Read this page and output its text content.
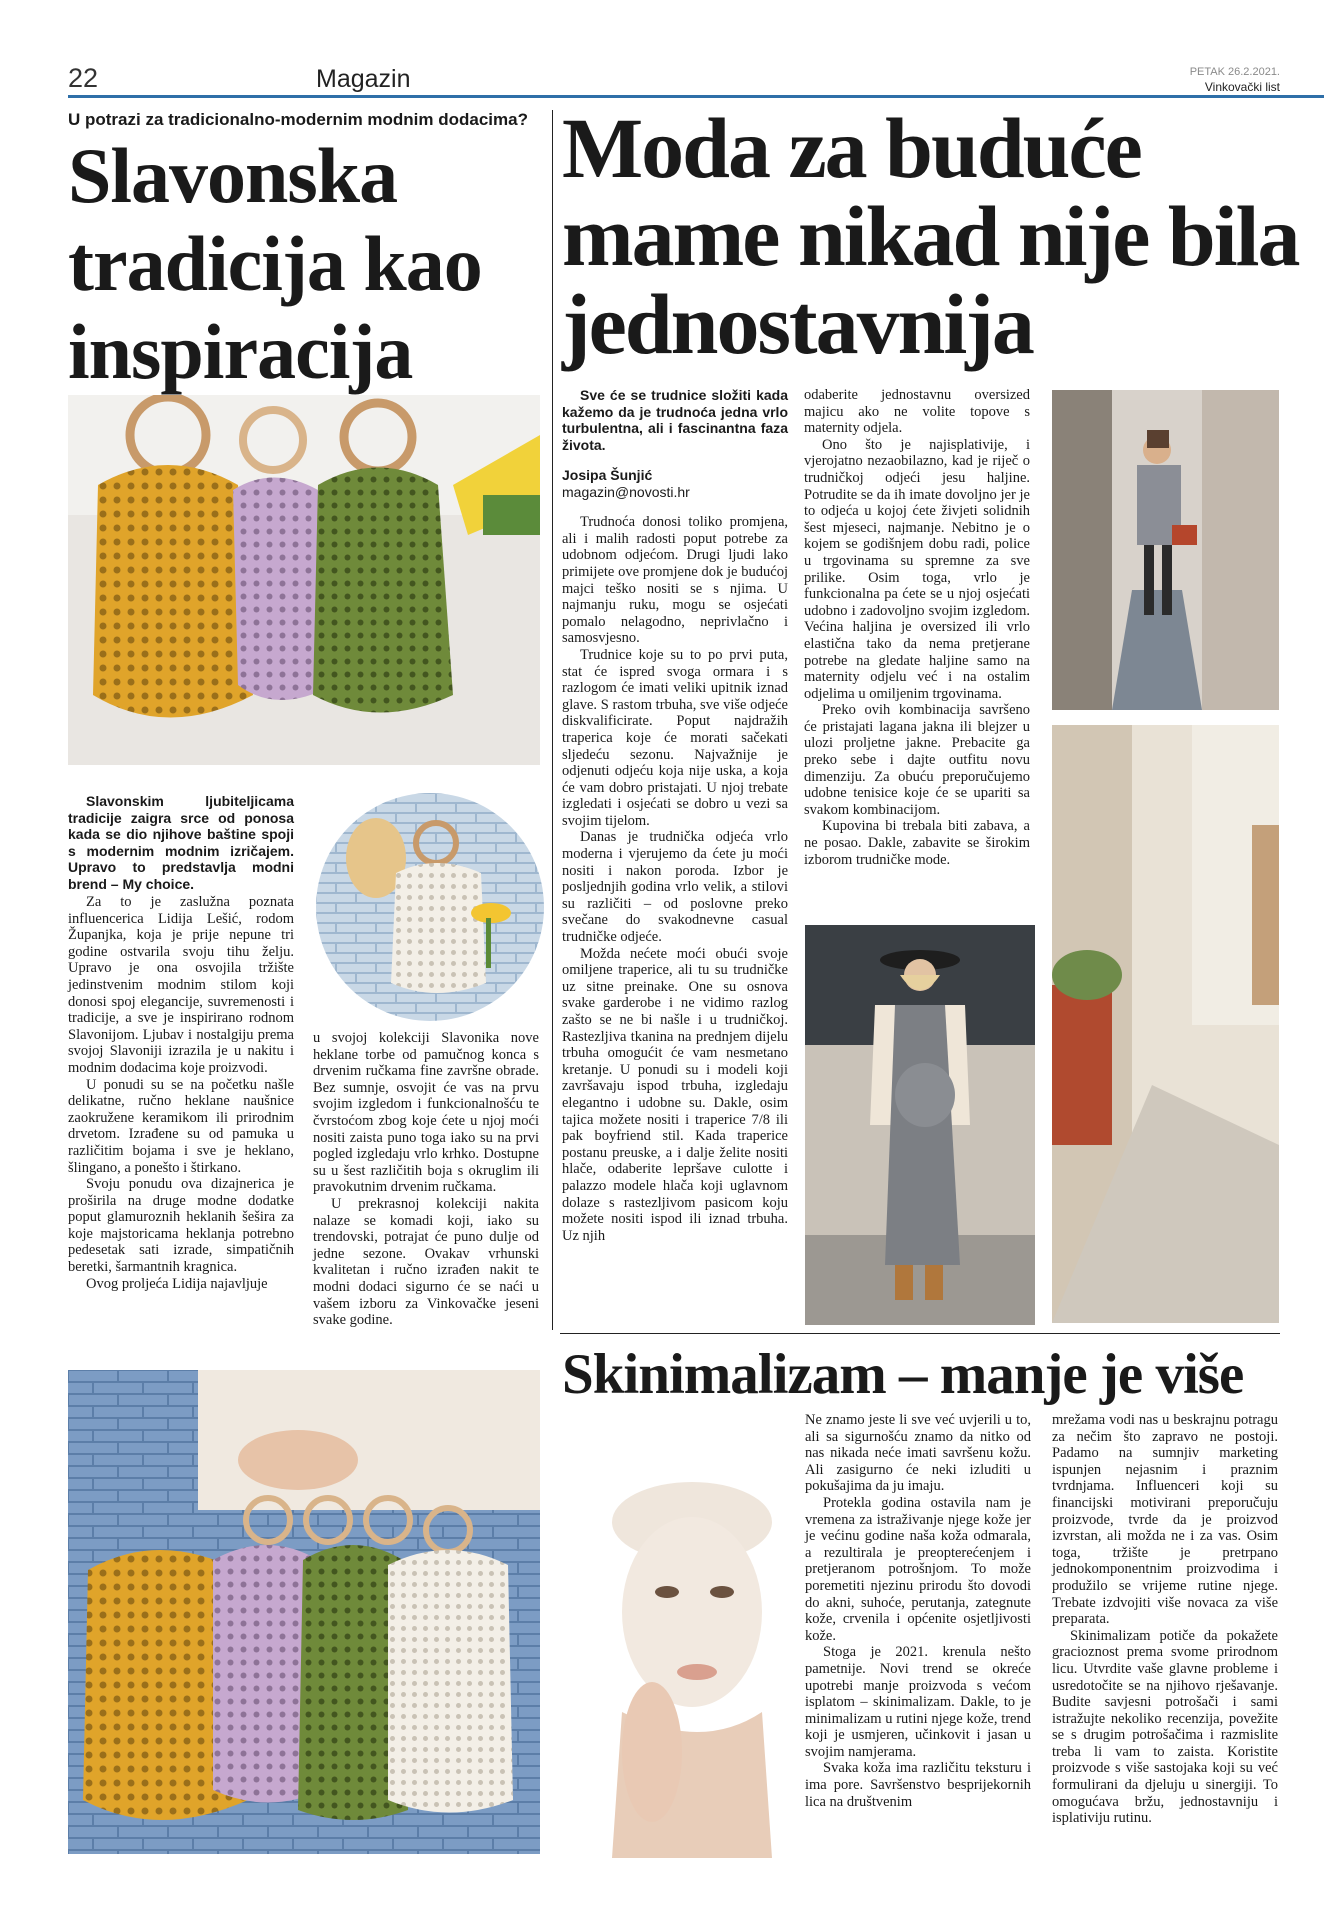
22	Magazin	PETAK 26.2.2021.
Vinkovački list
U potrazi za tradicionalno-modernim modnim dodacima?
Slavonska tradicija kao inspiracija

Slavonskim ljubiteljicama tradicije zaigra srce od ponosa kada se dio njihove baštine spoji s modernim modnim izričajem. Upravo to predstavlja modni brend – My choice.

Za to je zaslužna poznata influencerica Lidija Lešić, rodom Županjka, koja je prije nepune tri godine ostvarila svoju tihu želju. Upravo je ona osvojila tržište jedinstvenim modnim stilom koji donosi spoj elegancije, suvremenosti i tradicije, a sve je inspirirano rodnom Slavonijom. Ljubav i nostalgiju prema svojoj Slavoniji izrazila je u nakitu i modnim dodacima koje proizvodi.

U ponudi su se na početku našle delikatne, ručno heklane naušnice zaokružene keramikom ili prirodnim drvetom. Izrađene su od pamuka u različitim bojama i sve je heklano, šlingano, a ponešto i štirkano.

Svoju ponudu ova dizajnerica je proširila na druge modne dodatke poput glamuroznih heklanih šešira za koje majstoricama heklanja potrebno pedesetak sati izrade, simpatičnih beretki, šarmantnih kragnica.

Ovog proljeća Lidija najavljuje

u svojoj kolekciji Slavonika nove heklane torbe od pamučnog konca s drvenim ručkama fine završne obrade. Bez sumnje, osvojit će vas na prvu svojim izgledom i funkcionalnošću te čvrstoćom zbog koje ćete u njoj moći nositi zaista puno toga iako su na prvi pogled izgledaju vrlo krhko. Dostupne su u šest različitih boja s okruglim ili pravokutnim drvenim ručkama.

U prekrasnoj kolekciji nakita nalaze se komadi koji, iako su trendovski, potrajat će puno dulje od jedne sezone. Ovakav vrhunski kvalitetan i ručno izrađen nakit te modni dodaci sigurno će se naći u vašem izboru za Vinkovačke jeseni svake godine.

Moda za buduće mame nikad nije bila jednostavnija

Sve će se trudnice složiti kada kažemo da je trudnoća jedna vrlo turbulentna, ali i fascinantna faza života.

Josipa Šunjić
magazin@novosti.hr

Trudnoća donosi toliko promjena, ali i malih radosti poput potrebe za udobnom odjećom. Drugi ljudi lako primijete ove promjene dok je budućoj majci teško nositi se s njima. U najmanju ruku, mogu se osjećati pomalo nelagodno, neprivlačno i samosvjesno.

Trudnice koje su to po prvi puta, stat će ispred svoga ormara i s razlogom će imati veliki upitnik iznad glave. S rastom trbuha, sve više odjeće diskvalificirate. Poput najdražih traperica koje će morati sačekati sljedeću sezonu. Najvažnije je odjenuti odjeću koja nije uska, a koja će vam dobro pristajati. U njoj trebate izgledati i osjećati se dobro u vezi sa svojim tijelom.

Danas je trudnička odjeća vrlo moderna i vjerujemo da ćete ju moći nositi i nakon poroda. Izbor je posljednjih godina vrlo velik, a stilovi su različiti – od poslovne preko svečane do svakodnevne casual trudničke odjeće.

Možda nećete moći obući svoje omiljene traperice, ali tu su trudničke uz sitne preinake. One su osnova svake garderobe i ne vidimo razlog zašto se ne bi našle i u trudničkoj. Rastezljiva tkanina na prednjem dijelu trbuha omogućit će vam nesmetano kretanje. U ponudi su i modeli koji završavaju ispod trbuha, izgledaju elegantno i udobne su. Dakle, osim tajica možete nositi i traperice 7/8 ili pak boyfriend stil. Kada traperice postanu preuske, a i dalje želite nositi hlače, odaberite lepršave culotte i palazzo modele hlača koji uglavnom dolaze s rastezljivom pasicom koju možete nositi ispod ili iznad trbuha. Uz njih

odaberite jednostavnu oversized majicu ako ne volite topove s maternity odjela.

Ono što je najisplativije, i vjerojatno nezaobilazno, kad je riječ o trudničkoj odjeći jesu haljine. Potrudite se da ih imate dovoljno jer je to odjeća u kojoj ćete živjeti solidnih šest mjeseci, najmanje. Nebitno je o kojem se godišnjem dobu radi, police u trgovinama su spremne za sve prilike. Osim toga, vrlo je funkcionalna pa ćete se u njoj osjećati udobno i zadovoljno svojim izgledom. Većina haljina je oversized ili vrlo elastična tako da nema pretjerane potrebe na gledate haljine samo na maternity odjelu već i na ostalim odjelima u omiljenim trgovinama.

Preko ovih kombinacija savršeno će pristajati lagana jakna ili blejzer u ulozi proljetne jakne. Prebacite ga preko sebe i dajte outfitu novu dimenziju. Za obuću preporučujemo udobne tenisice koje će se upariti sa svakom kombinacijom.

Kupovina bi trebala biti zabava, a ne posao. Dakle, zabavite se širokim izborom trudničke mode.

Skinimalizam – manje je više

Ne znamo jeste li sve već uvjerili u to, ali sa sigurnošću znamo da nitko od nas nikada neće imati savršenu kožu. Ali zasigurno će neki izluditi u pokušajima da ju imaju.

Protekla godina ostavila nam je vremena za istraživanje njege kože jer je većinu godine naša koža odmarala, a rezultirala je preopterećenjem i pretjeranom potrošnjom. To može poremetiti njezinu prirodu što dovodi do akni, suhoće, perutanja, zategnute kože, crvenila i općenite osjetljivosti kože.

Stoga je 2021. krenula nešto pametnije. Novi trend se okreće upotrebi manje proizvoda s većom isplatom – skinimalizam. Dakle, to je minimalizam u rutini njege kože, trend koji je usmjeren, učinkovit i jasan u svojim namjerama.

Svaka koža ima različitu teksturu i ima pore. Savršenstvo besprijekornih lica na društvenim

mrežama vodi nas u beskrajnu potragu za nečim što zapravo ne postoji. Padamo na sumnjiv marketing ispunjen nejasnim i praznim tvrdnjama. Influenceri koji su financijski motivirani preporučuju proizvode, tvrde da je proizvod izvrstan, ali možda ne i za vas. Osim toga, tržište je pretrpano jednokomponentnim proizvodima i produžilo se vrijeme rutine njege. Trebate izdvojiti više novaca za više preparata.

Skinimalizam potiče da pokažete gracioznost prema svome prirodnom licu. Utvrdite vaše glavne probleme i usredotočite se na njihovo rješavanje. Budite savjesni potrošači i sami istražujte nekoliko recenzija, povežite se s drugim potrošačima i razmislite treba li vam to zaista. Koristite proizvode s više sastojaka koji su već formulirani da djeluju u sinergiji. To omogućava bržu, jednostavniju i isplativiju rutinu.
